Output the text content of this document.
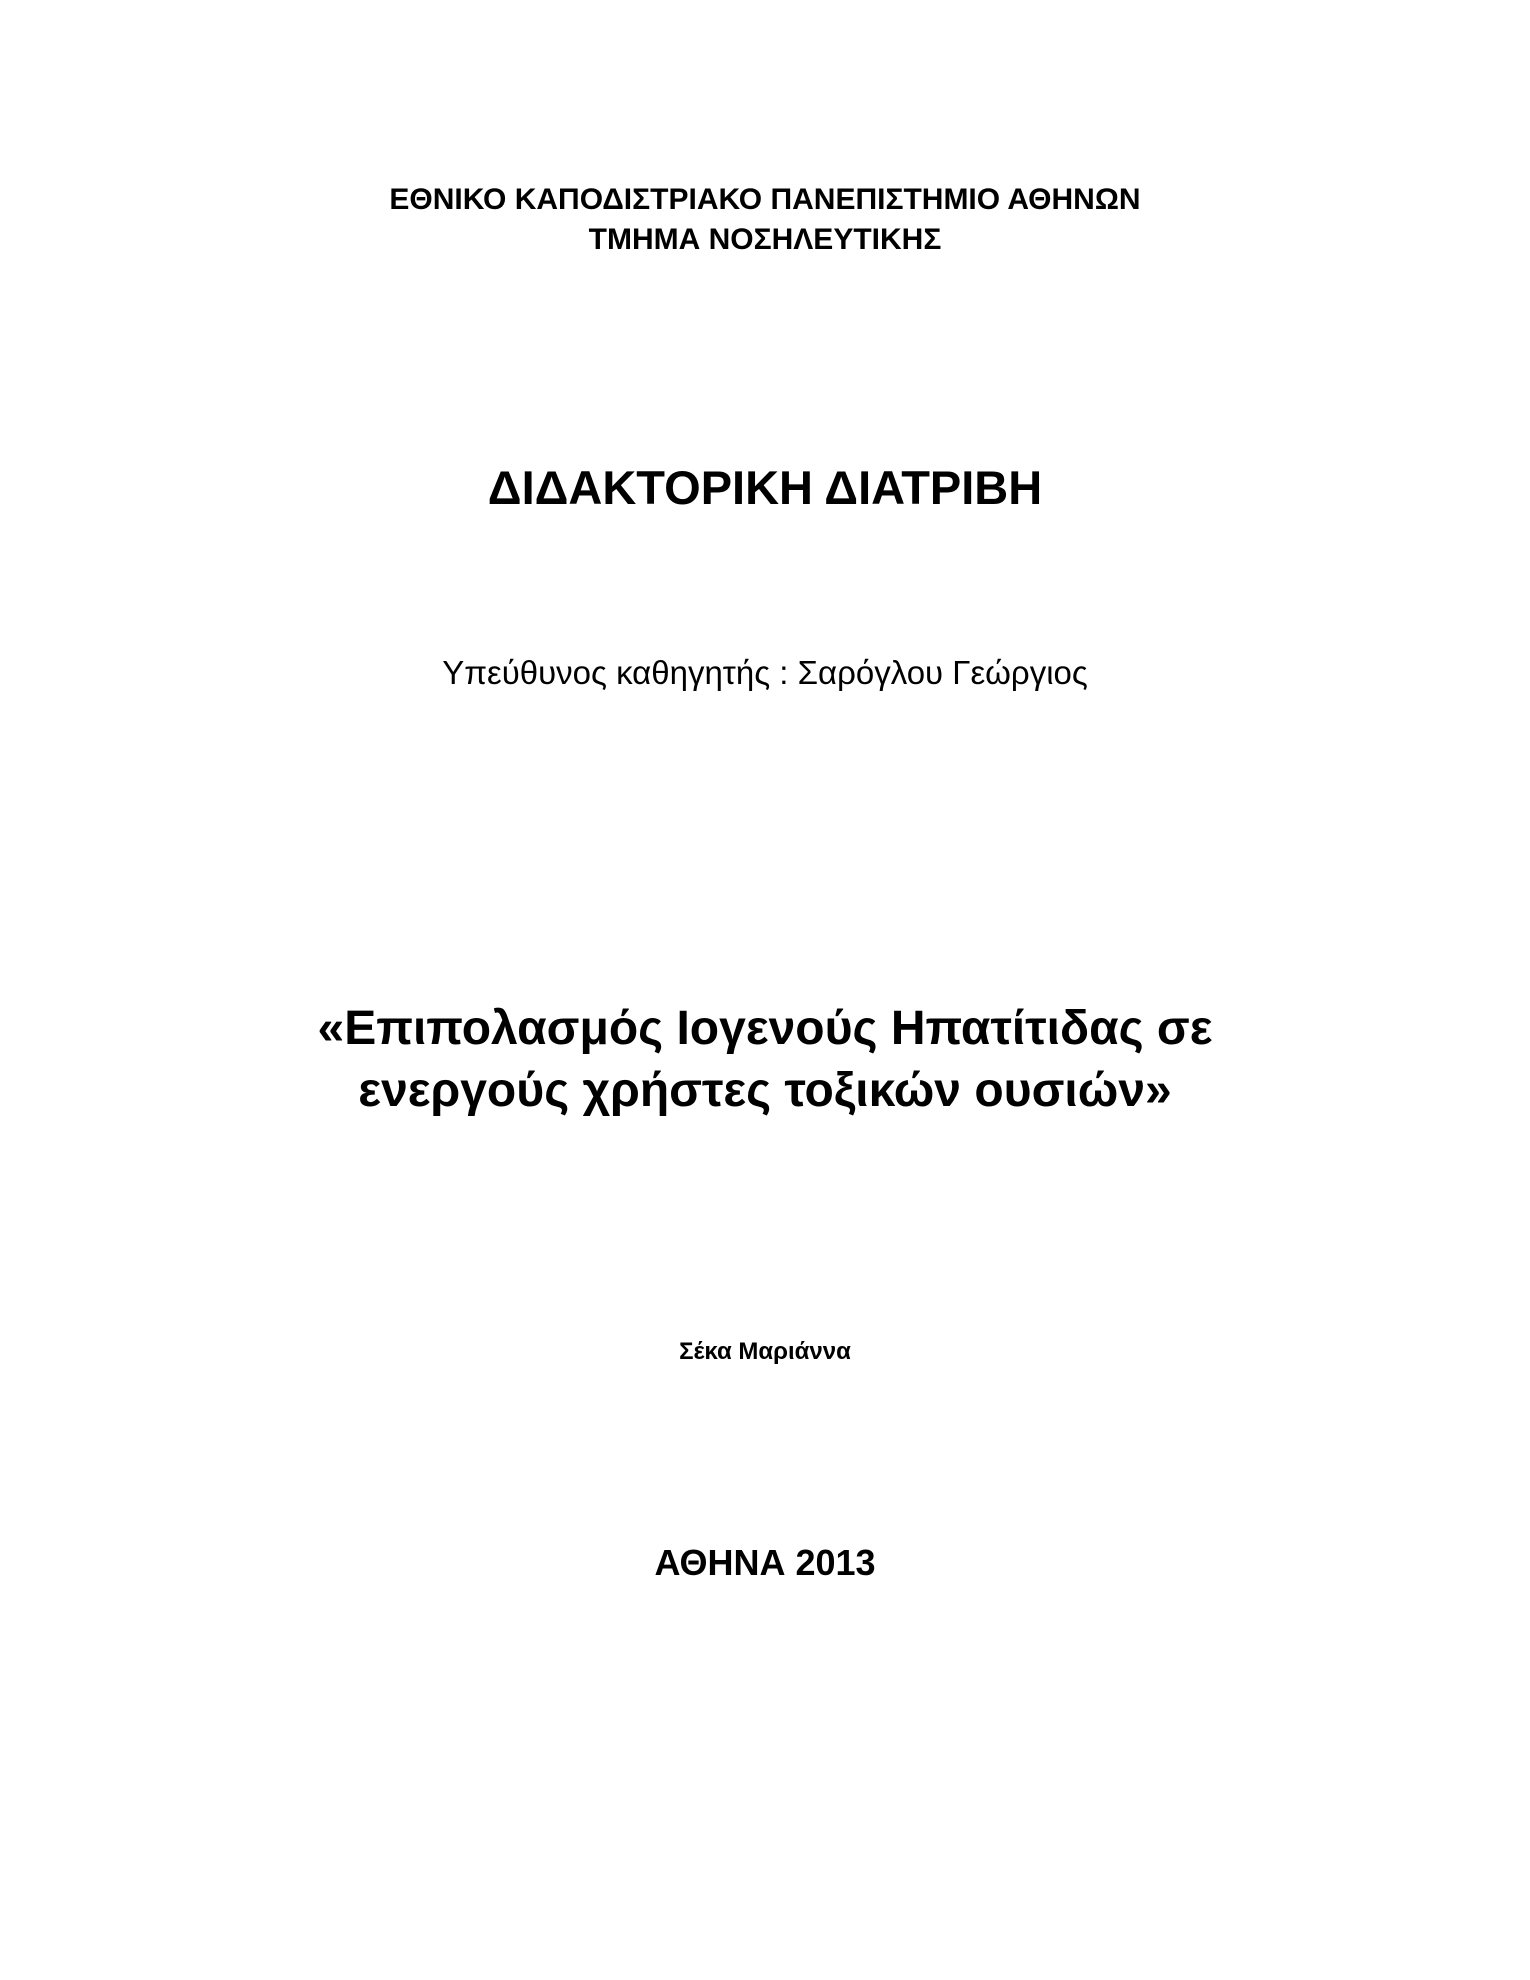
ΕΘΝΙΚΟ ΚΑΠΟΔΙΣΤΡΙΑΚΟ ΠΑΝΕΠΙΣΤΗΜΙΟ ΑΘΗΝΩΝ
ΤΜΗΜΑ ΝΟΣΗΛΕΥΤΙΚΗΣ
ΔΙΔΑΚΤΟΡΙΚΗ ΔΙΑΤΡΙΒΗ
Υπεύθυνος καθηγητής : Σαρόγλου Γεώργιος
«Επιπολασμός Ιογενούς Ηπατίτιδας σε
ενεργούς χρήστες τοξικών ουσιών»
Σέκα Μαριάννα
ΑΘΗΝΑ 2013
